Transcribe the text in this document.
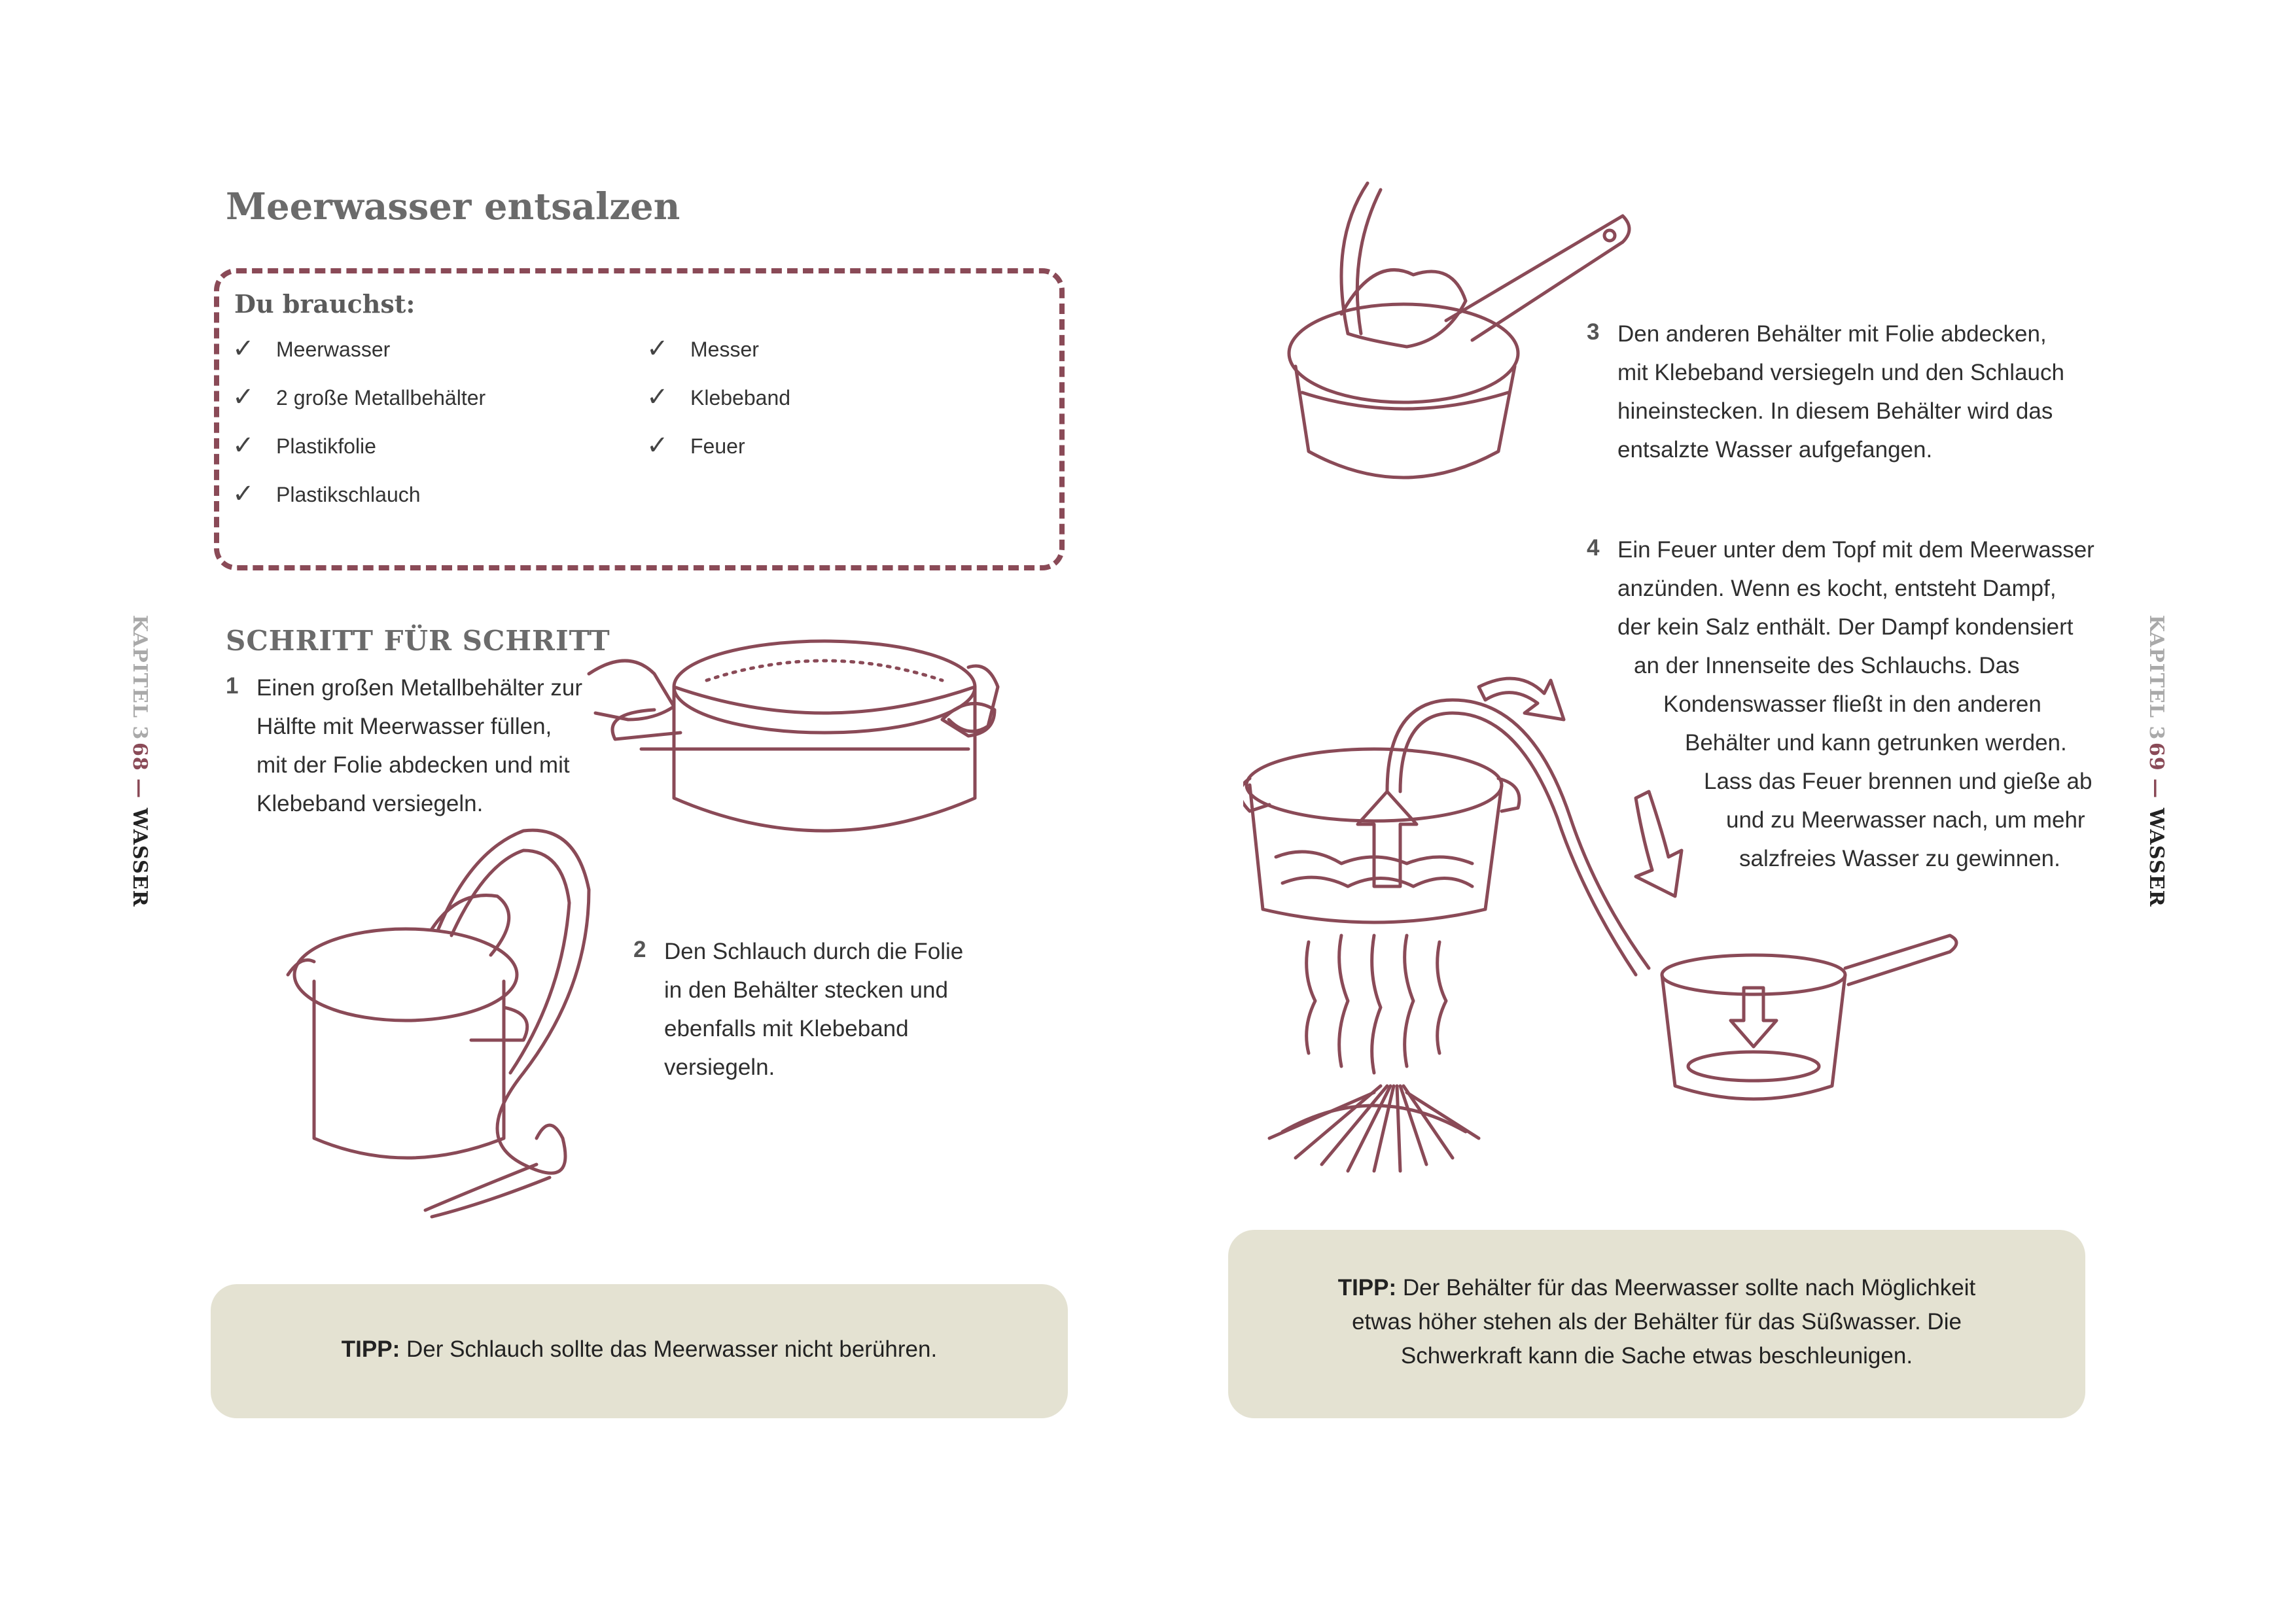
Meerwasser entsalzen
Du brauchst:
✓ Meerwasser
✓ 2 große Metallbehälter
✓ Plastikfolie
✓ Plastikschlauch
✓ Messer
✓ Klebeband
✓ Feuer
SCHRITT FÜR SCHRITT
1 Einen großen Metallbehälter zur
Hälfte mit Meerwasser füllen,
mit der Folie abdecken und mit
Klebeband versiegeln.
2 Den Schlauch durch die Folie
in den Behälter stecken und
ebenfalls mit Klebeband
versiegeln.
TIPP: Der Schlauch sollte das Meerwasser nicht berühren.
KAPITEL 3
68
—
WASSER
3 Den anderen Behälter mit Folie abdecken,
mit Klebeband versiegeln und den Schlauch
hineinstecken. In diesem Behälter wird das
entsalzte Wasser aufgefangen.
4 Ein Feuer unter dem Topf mit dem Meerwasser
anzünden. Wenn es kocht, entsteht Dampf,
der kein Salz enthält. Der Dampf kondensiert
an der Innenseite des Schlauchs. Das
Kondenswasser fließt in den anderen
Behälter und kann getrunken werden.
Lass das Feuer brennen und gieße ab
und zu Meerwasser nach, um mehr
salzfreies Wasser zu gewinnen.
TIPP: Der Behälter für das Meerwasser sollte nach Möglichkeit
etwas höher stehen als der Behälter für das Süßwasser. Die
Schwerkraft kann die Sache etwas beschleunigen.
KAPITEL 3
69
—
WASSER
